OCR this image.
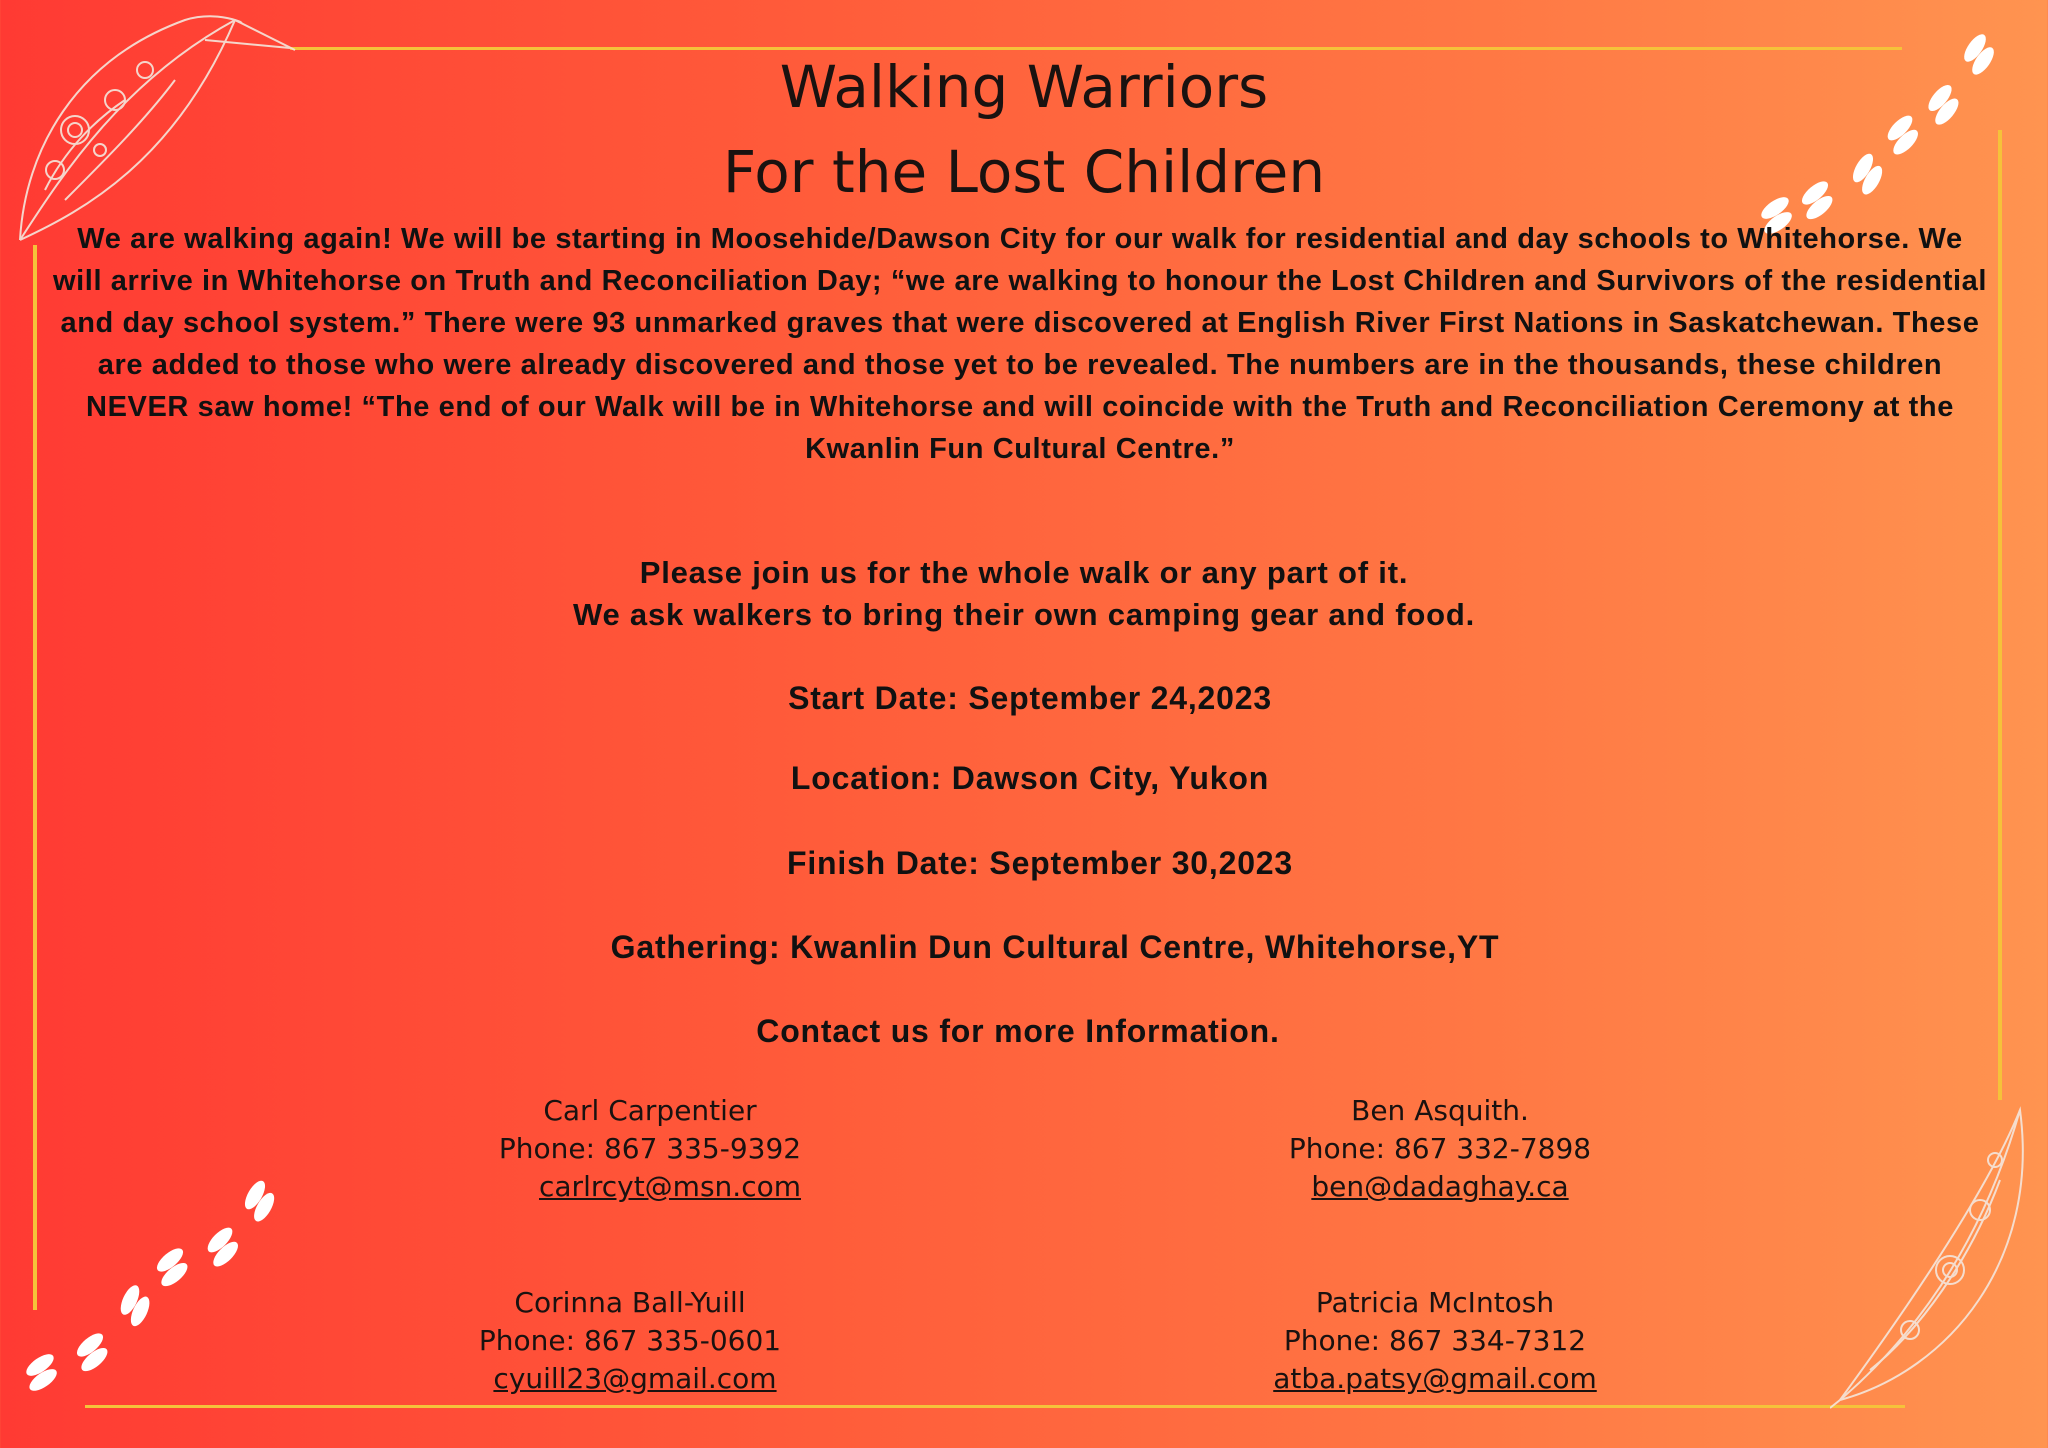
Walking Warriors
For the Lost Children

We are walking again! We will be starting in Moosehide/Dawson City for our walk for residential and day schools to Whitehorse. We will arrive in Whitehorse on Truth and Reconciliation Day; “we are walking to honour the Lost Children and Survivors of the residential and day school system.” There were 93 unmarked graves that were discovered at English River First Nations in Saskatchewan. These are added to those who were already discovered and those yet to be revealed. The numbers are in the thousands, these children NEVER saw home! “The end of our Walk will be in Whitehorse and will coincide with the Truth and Reconciliation Ceremony at the Kwanlin Fun Cultural Centre.”

Please join us for the whole walk or any part of it.
We ask walkers to bring their own camping gear and food.
Start Date: September 24,2023
Location: Dawson City, Yukon
Finish Date: September 30,2023
Gathering: Kwanlin Dun Cultural Centre, Whitehorse,YT
Contact us for more Information.
Carl Carpentier
Phone: 867 335-9392
carlrcyt@msn.com
Ben Asquith.
Phone: 867 332-7898
ben@dadaghay.ca
Corinna Ball-Yuill
Phone: 867 335-0601
cyuill23@gmail.com
Patricia McIntosh
Phone: 867 334-7312
atba.patsy@gmail.com
